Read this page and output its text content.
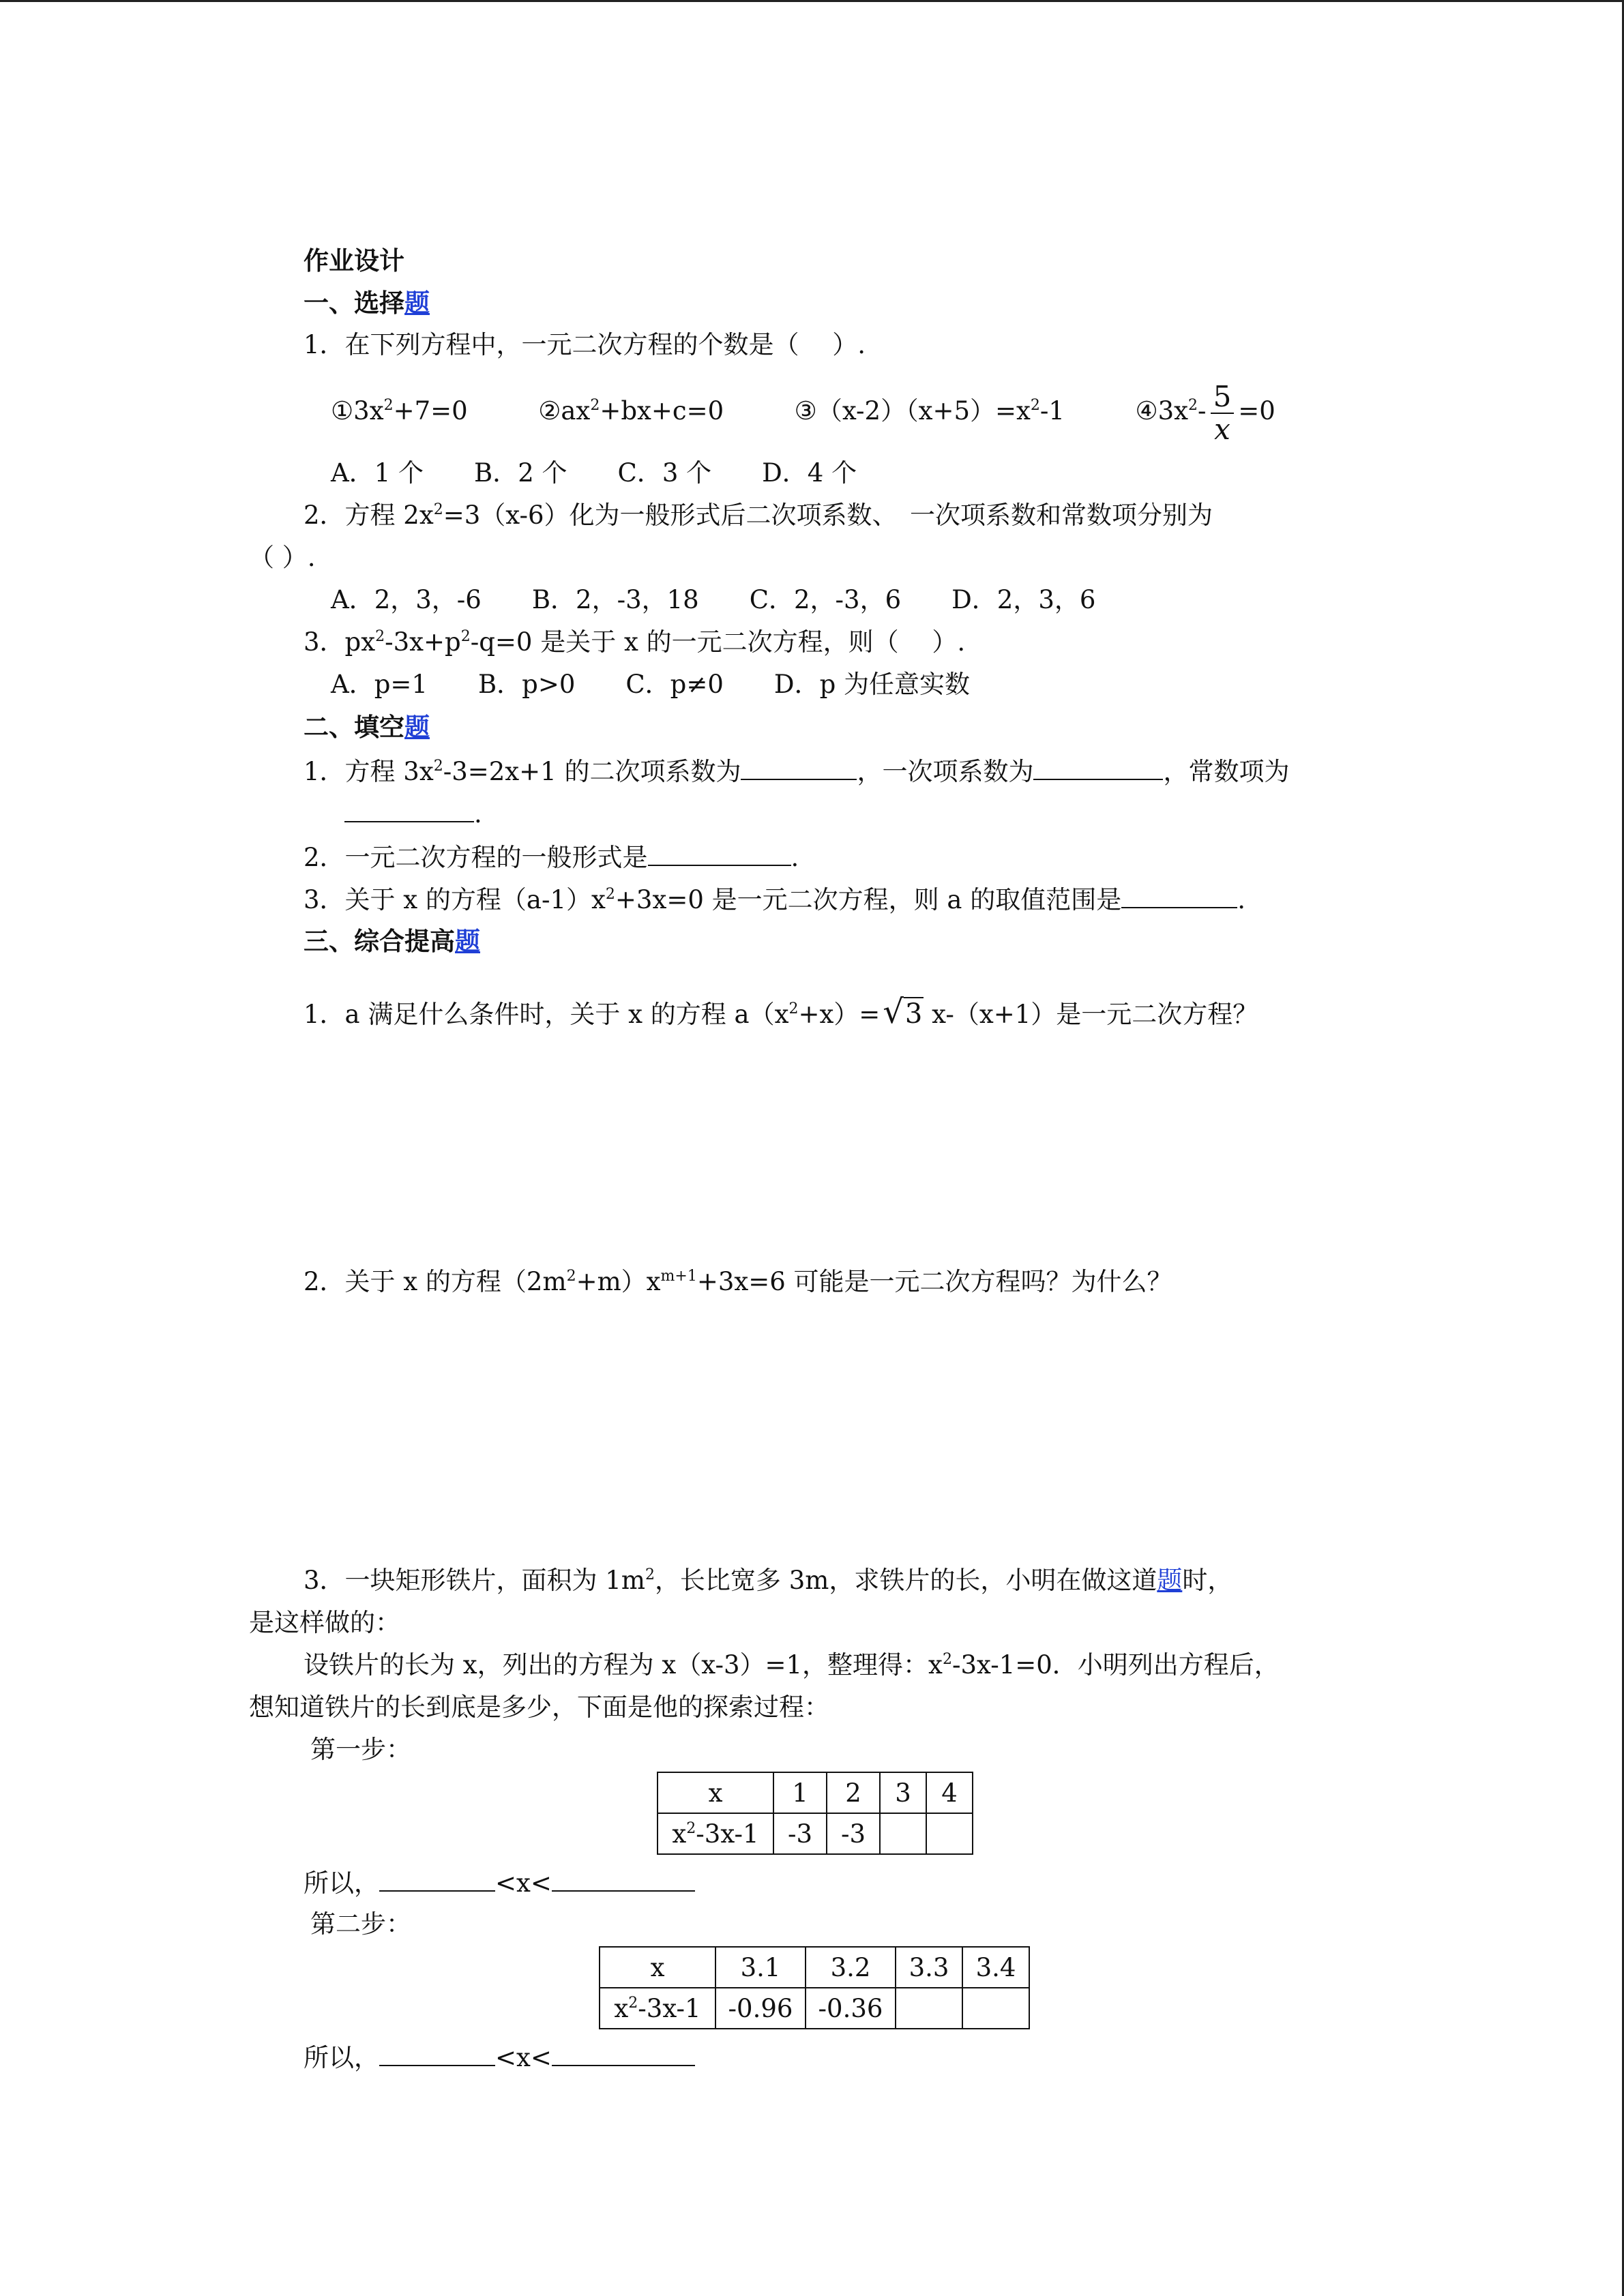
作业设计
一、选择题
1．在下列方程中，一元二次方程的个数是（　 ）.
$①3x^2+7=0$	$②ax^2+bx+c=0$	$③(x-2)(x+5)=x^2-1$	$④3x^2- \frac{5}{x} =0$
A．1 个　　B．2 个　　C．3 个　　D．4 个
2．方程 $2x^2=3(x-6)$化为一般形式后二次项系数、　一次项系数和常数项分别为
（ ）.
A．2，3，-6　　B．2，-3，18　　C．2，-3，6　　D．2，3，6
3．$px^2-3x+p^2-q=0$ 是关于 x 的一元二次方程，则（　 ）.
A．p=1　　B．p>0　　C．p≠0　　D．p 为任意实数
二、填空题
1．方程 $3x^2-3=2x+1$ 的二次项系数为	，一次项系数为	，常数项为
.
2．一元二次方程的一般形式是	.
3．关于 x 的方程$(a-1)x^2+3x=0$ 是一元二次方程，则 a 的取值范围是	.
三、综合提高题
1．a 满足什么条件时，关于 x 的方程 $a(x^2+x)=√3$ x-（x+1）是一元二次方程？
2．关于 x 的方程$(2m^2+m)x^{m+1}+3x=6$ 可能是一元二次方程吗？为什么？
3．一块矩形铁片，面积为 $1m^2$，长比宽多 3m，求铁片的长，小明在做这道题时，
是这样做的：
设铁片的长为 x，列出的方程为 x（x-3）=1，整理得：$x^2-3x-1=0$．小明列出方程后，
想知道铁片的长到底是多少，下面是他的探索过程：
第一步：
x	1	2	3	4
$x^2-3x-1$	-3	-3		
所以，	<x<
第二步：
x	3.1	3.2	3.3	3.4
$x^2-3x-1$	-0.96	-0.36		
所以，	<x<
